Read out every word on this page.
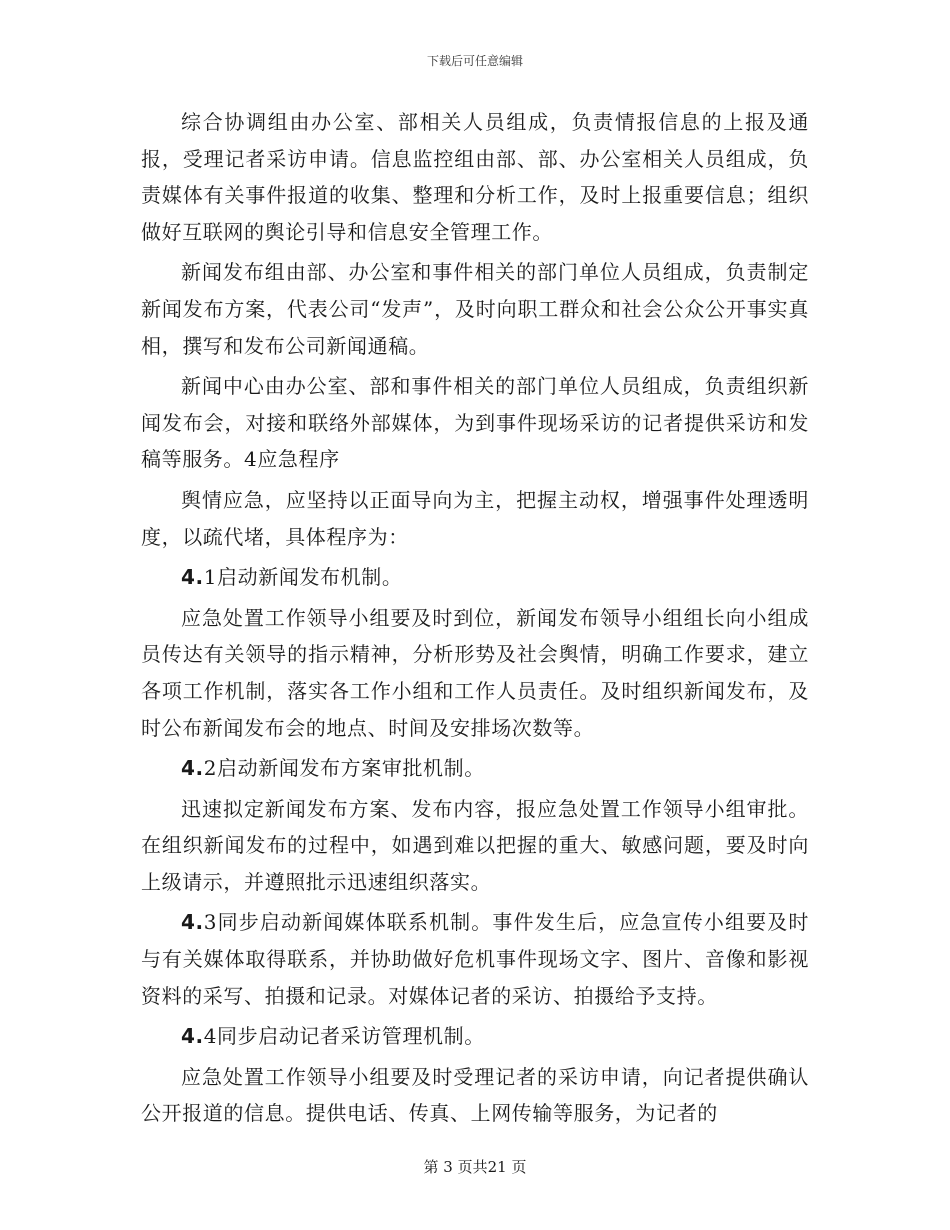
下载后可任意编辑

综合协调组由办公室、部相关人员组成，负责情报信息的上报及通报，受理记者采访申请。信息监控组由部、部、办公室相关人员组成，负责媒体有关事件报道的收集、整理和分析工作，及时上报重要信息；组织做好互联网的舆论引导和信息安全管理工作。

新闻发布组由部、办公室和事件相关的部门单位人员组成，负责制定新闻发布方案，代表公司“发声”，及时向职工群众和社会公众公开事实真相，撰写和发布公司新闻通稿。

新闻中心由办公室、部和事件相关的部门单位人员组成，负责组织新闻发布会，对接和联络外部媒体，为到事件现场采访的记者提供采访和发稿等服务。4应急程序

舆情应急，应坚持以正面导向为主，把握主动权，增强事件处理透明度，以疏代堵，具体程序为：

4.1启动新闻发布机制。

应急处置工作领导小组要及时到位，新闻发布领导小组组长向小组成员传达有关领导的指示精神，分析形势及社会舆情，明确工作要求，建立各项工作机制，落实各工作小组和工作人员责任。及时组织新闻发布，及时公布新闻发布会的地点、时间及安排场次数等。

4.2启动新闻发布方案审批机制。

迅速拟定新闻发布方案、发布内容，报应急处置工作领导小组审批。在组织新闻发布的过程中，如遇到难以把握的重大、敏感问题，要及时向上级请示，并遵照批示迅速组织落实。

4.3同步启动新闻媒体联系机制。事件发生后，应急宣传小组要及时与有关媒体取得联系，并协助做好危机事件现场文字、图片、音像和影视资料的采写、拍摄和记录。对媒体记者的采访、拍摄给予支持。

4.4同步启动记者采访管理机制。

应急处置工作领导小组要及时受理记者的采访申请，向记者提供确认公开报道的信息。提供电话、传真、上网传输等服务，为记者的

第 3 页共21 页
